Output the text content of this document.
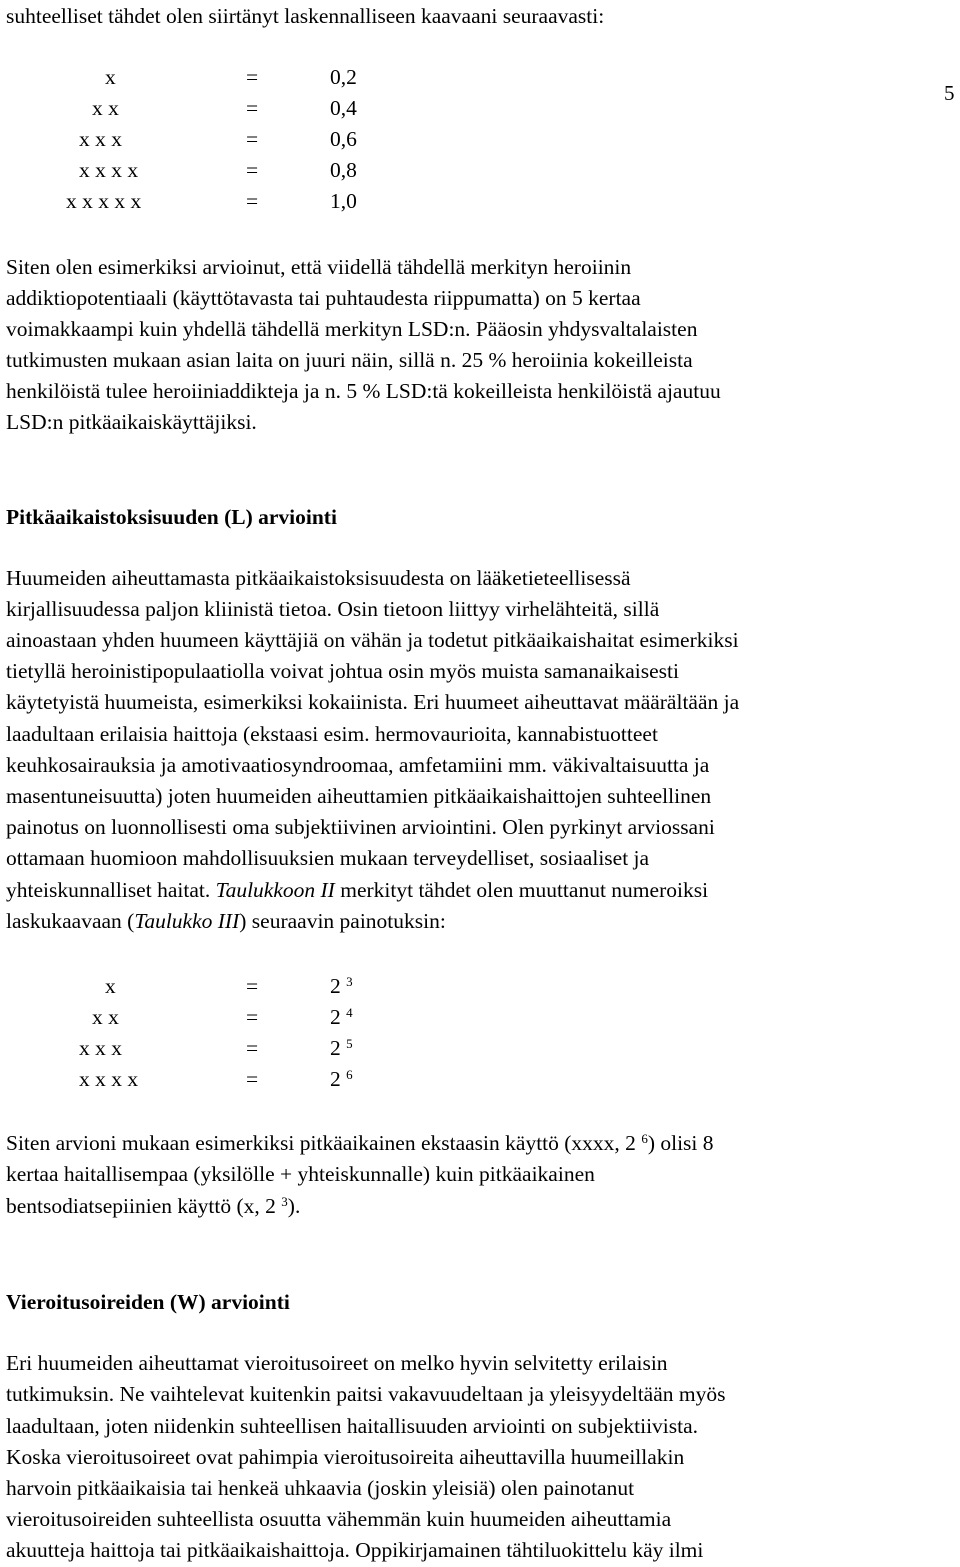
5

suhteelliset tähdet olen siirtänyt laskennalliseen kaavaani seuraavasti:

x	=	0,2
x x	=	0,4
x x x	=	0,6
x x x x	=	0,8
x x x x x	=	1,0

Siten olen esimerkiksi arvioinut, että viidellä tähdellä merkityn heroiinin

addiktiopotentiaali (käyttötavasta tai puhtaudesta riippumatta) on 5 kertaa

voimakkaampi kuin yhdellä tähdellä merkityn LSD:n. Pääosin yhdysvaltalaisten

tutkimusten mukaan asian laita on juuri näin, sillä n. 25 % heroiinia kokeilleista

henkilöistä tulee heroiiniaddikteja ja n. 5 % LSD:tä kokeilleista henkilöistä ajautuu

LSD:n pitkäaikaiskäyttäjiksi.

Pitkäaikaistoksisuuden (L) arviointi

Huumeiden aiheuttamasta pitkäaikaistoksisuudesta on lääketieteellisessä

kirjallisuudessa paljon kliinistä tietoa. Osin tietoon liittyy virhelähteitä, sillä

ainoastaan yhden huumeen käyttäjiä on vähän ja todetut pitkäaikaishaitat esimerkiksi

tietyllä heroinistipopulaatiolla voivat johtua osin myös muista samanaikaisesti

käytetyistä huumeista, esimerkiksi kokaiinista. Eri huumeet aiheuttavat määrältään ja

laadultaan erilaisia haittoja (ekstaasi esim. hermovaurioita, kannabistuotteet

keuhkosairauksia ja amotivaatiosyndroomaa, amfetamiini mm. väkivaltaisuutta ja

masentuneisuutta) joten huumeiden aiheuttamien pitkäaikaishaittojen suhteellinen

painotus on luonnollisesti oma subjektiivinen arviointini. Olen pyrkinyt arviossani

ottamaan huomioon mahdollisuuksien mukaan terveydelliset, sosiaaliset ja

yhteiskunnalliset haitat. Taulukkoon II merkityt tähdet olen muuttanut numeroiksi

laskukaavaan (Taulukko III) seuraavin painotuksin:

x	=	2 $^3$
x x	=	2 $^4$
x x x	=	2 $^5$
x x x x	=	2 $^6$

Siten arvioni mukaan esimerkiksi pitkäaikainen ekstaasin käyttö (xxxx, 2 $^6$) olisi 8

kertaa haitallisempaa (yksilölle + yhteiskunnalle) kuin pitkäaikainen

bentsodiatsepiinien käyttö (x, 2 $^3$).

Vieroitusoireiden (W) arviointi

Eri huumeiden aiheuttamat vieroitusoireet on melko hyvin selvitetty erilaisin

tutkimuksin. Ne vaihtelevat kuitenkin paitsi vakavuudeltaan ja yleisyydeltään myös

laadultaan, joten niidenkin suhteellisen haitallisuuden arviointi on subjektiivista.

Koska vieroitusoireet ovat pahimpia vieroitusoireita aiheuttavilla huumeillakin

harvoin pitkäaikaisia tai henkeä uhkaavia (joskin yleisiä) olen painotanut

vieroitusoireiden suhteellista osuutta vähemmän kuin huumeiden aiheuttamia

akuutteja haittoja tai pitkäaikaishaittoja. Oppikirjamainen tähtiluokittelu käy ilmi
